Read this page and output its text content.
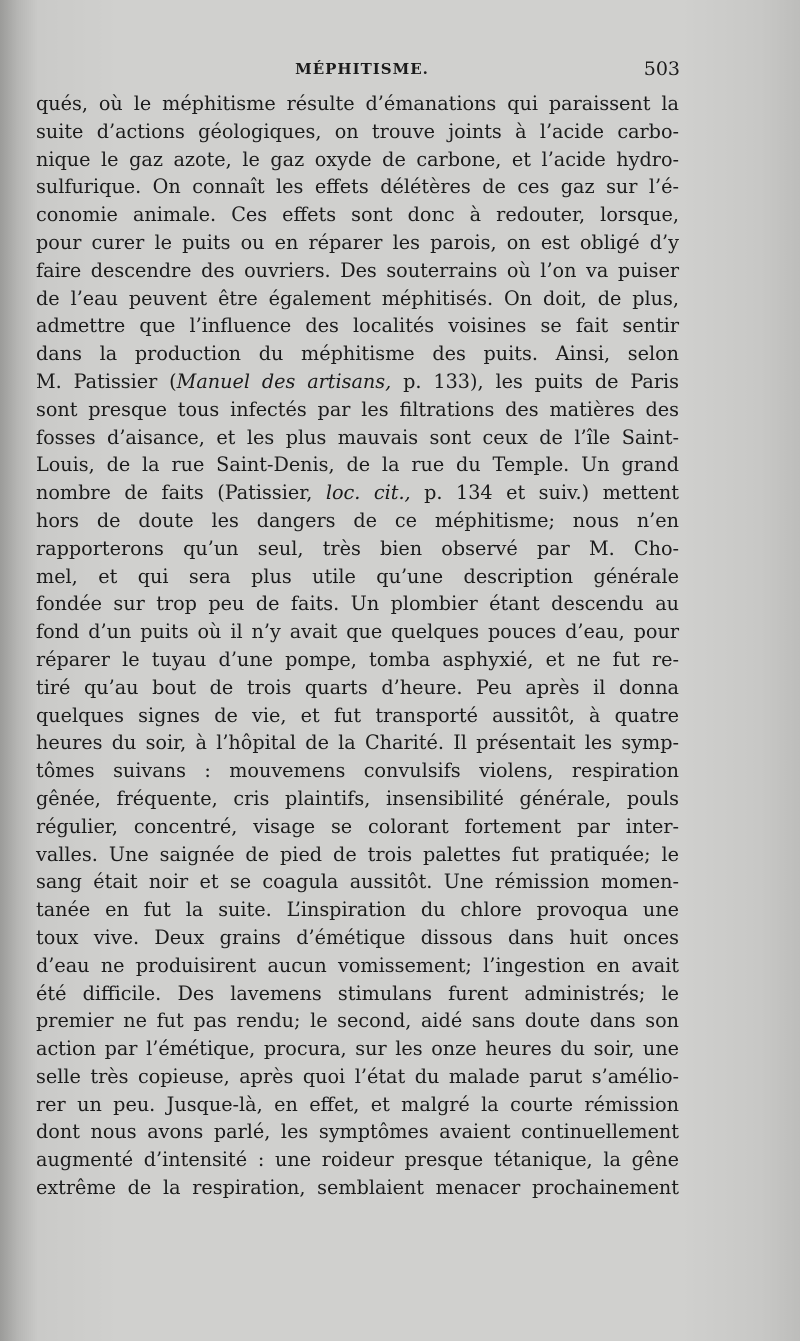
MÉPHITISME.	503
qués, où le méphitisme résulte d’émanations qui paraissent la
suite d’actions géologiques, on trouve joints à l’acide carbo-
nique le gaz azote, le gaz oxyde de carbone, et l’acide hydro-
sulfurique. On connaît les effets délétères de ces gaz sur l’é-
conomie animale. Ces effets sont donc à redouter, lorsque,
pour curer le puits ou en réparer les parois, on est obligé d’y
faire descendre des ouvriers. Des souterrains où l’on va puiser
de l’eau peuvent être également méphitisés. On doit, de plus,
admettre que l’influence des localités voisines se fait sentir
dans la production du méphitisme des puits. Ainsi, selon
M. Patissier (Manuel des artisans, p. 133), les puits de Paris
sont presque tous infectés par les filtrations des matières des
fosses d’aisance, et les plus mauvais sont ceux de l’île Saint-
Louis, de la rue Saint-Denis, de la rue du Temple. Un grand
nombre de faits (Patissier, loc. cit., p. 134 et suiv.) mettent
hors de doute les dangers de ce méphitisme; nous n’en
rapporterons qu’un seul, très bien observé par M. Cho-
mel, et qui sera plus utile qu’une description générale
fondée sur trop peu de faits. Un plombier étant descendu au
fond d’un puits où il n’y avait que quelques pouces d’eau, pour
réparer le tuyau d’une pompe, tomba asphyxié, et ne fut re-
tiré qu’au bout de trois quarts d’heure. Peu après il donna
quelques signes de vie, et fut transporté aussitôt, à quatre
heures du soir, à l’hôpital de la Charité. Il présentait les symp-
tômes suivans : mouvemens convulsifs violens, respiration
gênée, fréquente, cris plaintifs, insensibilité générale, pouls
régulier, concentré, visage se colorant fortement par inter-
valles. Une saignée de pied de trois palettes fut pratiquée; le
sang était noir et se coagula aussitôt. Une rémission momen-
tanée en fut la suite. L’inspiration du chlore provoqua une
toux vive. Deux grains d’émétique dissous dans huit onces
d’eau ne produisirent aucun vomissement; l’ingestion en avait
été difficile. Des lavemens stimulans furent administrés; le
premier ne fut pas rendu; le second, aidé sans doute dans son
action par l’émétique, procura, sur les onze heures du soir, une
selle très copieuse, après quoi l’état du malade parut s’amélio-
rer un peu. Jusque-là, en effet, et malgré la courte rémission
dont nous avons parlé, les symptômes avaient continuellement
augmenté d’intensité : une roideur presque tétanique, la gêne
extrême de la respiration, semblaient menacer prochainement
